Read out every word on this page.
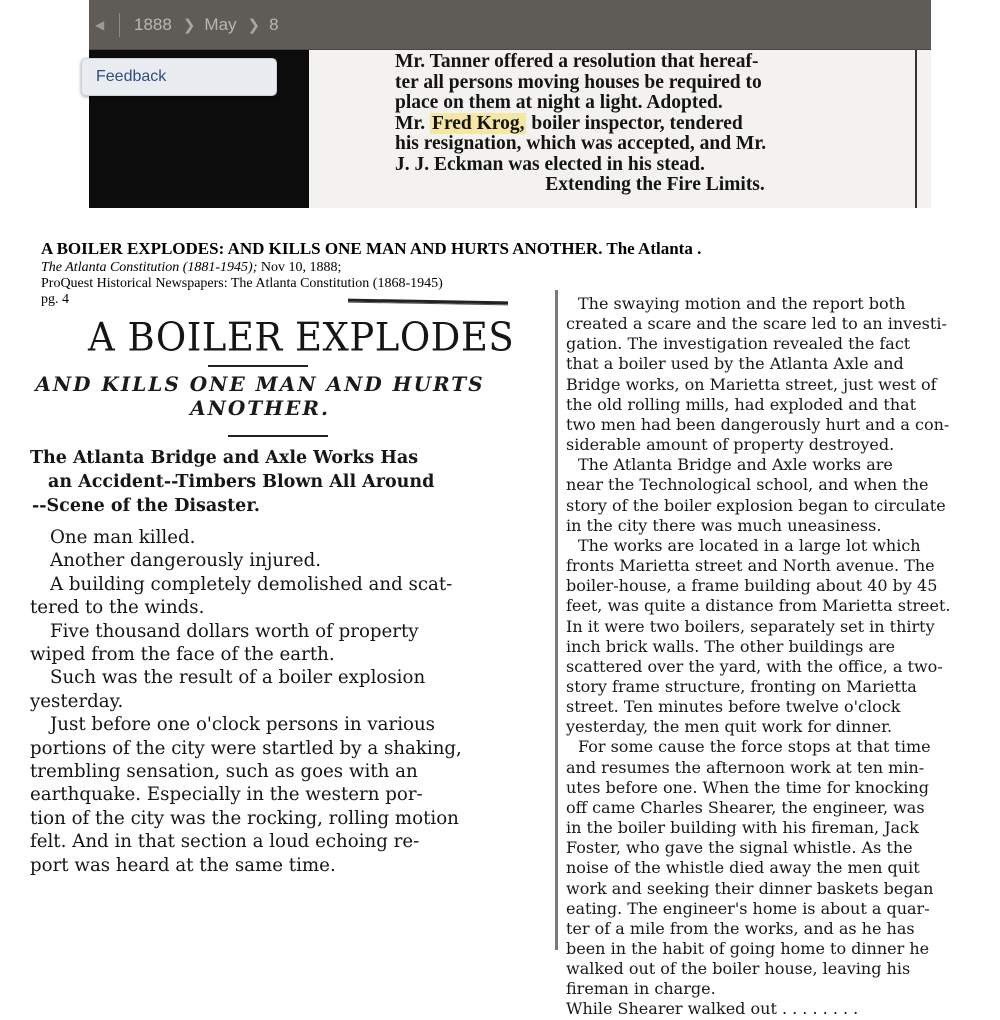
◀ 1888 ❯ May ❯ 8
Feedback
Mr. Tanner offered a resolution that hereaf-
ter all persons moving houses be required to
place on them at night a light. Adopted.
Mr. Fred Krog, boiler inspector, tendered
his resignation, which was accepted, and Mr.
J. J. Eckman was elected in his stead.
Extending the Fire Limits.
A BOILER EXPLODES: AND KILLS ONE MAN AND HURTS ANOTHER. The Atlanta .
The Atlanta Constitution (1881-1945); Nov 10, 1888;
ProQuest Historical Newspapers: The Atlanta Constitution (1868-1945)
pg. 4
A BOILER EXPLODES
AND KILLS ONE MAN AND HURTS
ANOTHER.
The Atlanta Bridge and Axle Works Has
an Accident--Timbers Blown All Around
--Scene of the Disaster.
One man killed.
Another dangerously injured.
A building completely demolished and scat-
tered to the winds.
Five thousand dollars worth of property
wiped from the face of the earth.
Such was the result of a boiler explosion
yesterday.
Just before one o'clock persons in various
portions of the city were startled by a shaking,
trembling sensation, such as goes with an
earthquake. Especially in the western por-
tion of the city was the rocking, rolling motion
felt. And in that section a loud echoing re-
port was heard at the same time.
The swaying motion and the report both
created a scare and the scare led to an investi-
gation. The investigation revealed the fact
that a boiler used by the Atlanta Axle and
Bridge works, on Marietta street, just west of
the old rolling mills, had exploded and that
two men had been dangerously hurt and a con-
siderable amount of property destroyed.
The Atlanta Bridge and Axle works are
near the Technological school, and when the
story of the boiler explosion began to circulate
in the city there was much uneasiness.
The works are located in a large lot which
fronts Marietta street and North avenue. The
boiler-house, a frame building about 40 by 45
feet, was quite a distance from Marietta street.
In it were two boilers, separately set in thirty
inch brick walls. The other buildings are
scattered over the yard, with the office, a two-
story frame structure, fronting on Marietta
street. Ten minutes before twelve o'clock
yesterday, the men quit work for dinner.
For some cause the force stops at that time
and resumes the afternoon work at ten min-
utes before one. When the time for knocking
off came Charles Shearer, the engineer, was
in the boiler building with his fireman, Jack
Foster, who gave the signal whistle. As the
noise of the whistle died away the men quit
work and seeking their dinner baskets began
eating. The engineer's home is about a quar-
ter of a mile from the works, and as he has
been in the habit of going home to dinner he
walked out of the boiler house, leaving his
fireman in charge.
While Shearer walked out . . . . . . . .
